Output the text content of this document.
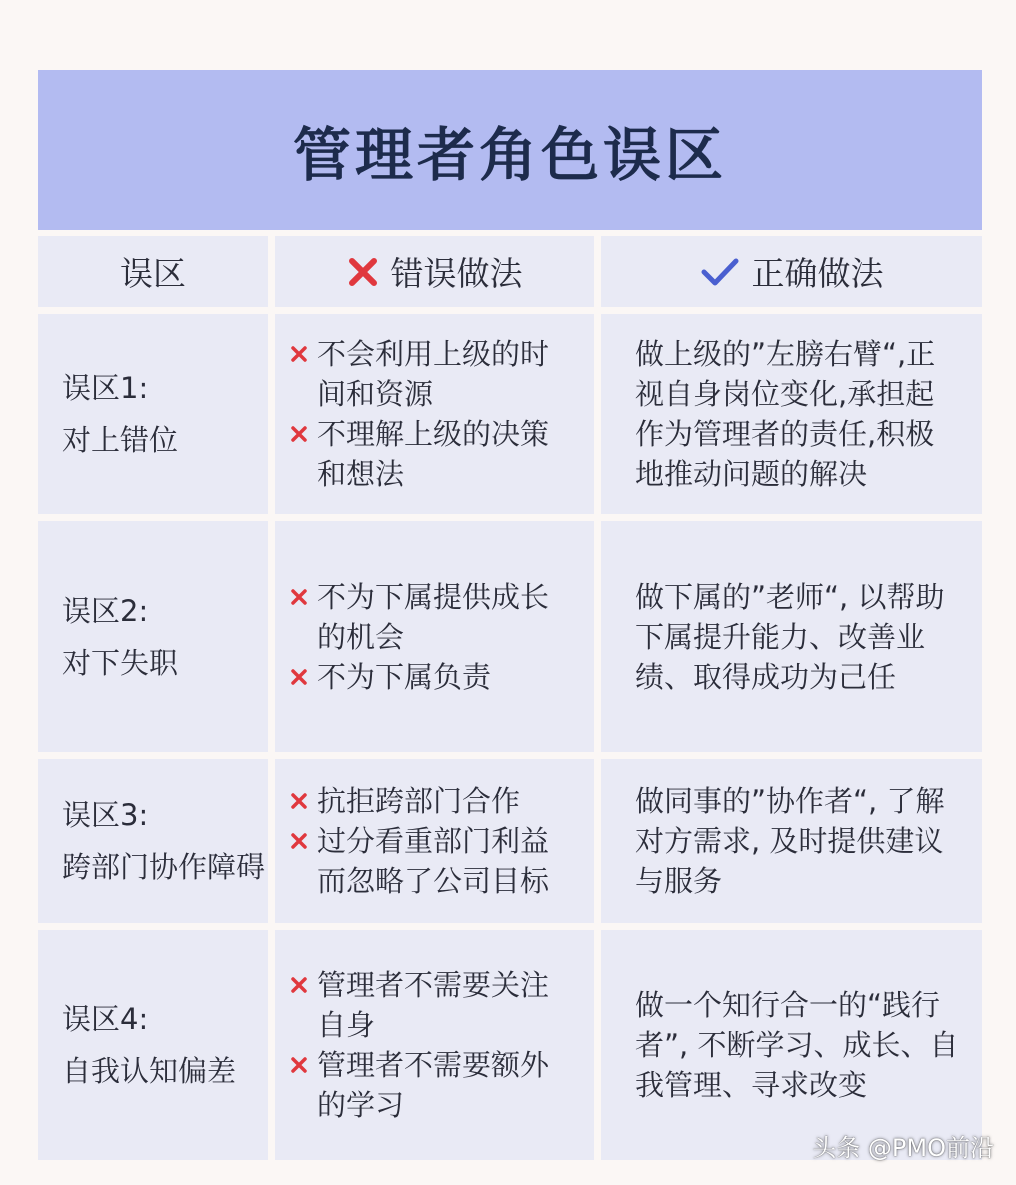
管理者角色误区
误区	错误做法	正确做法
误区1:
对上错位
不会利用上级的时间和资源
不理解上级的决策和想法
做上级的”左膀右臂“,正视自身岗位变化,承担起作为管理者的责任,积极地推动问题的解决
误区2:
对下失职
不为下属提供成长的机会
不为下属负责
做下属的”老师“, 以帮助下属提升能力、改善业绩、取得成功为己任
误区3:
跨部门协作障碍
抗拒跨部门合作
过分看重部门利益而忽略了公司目标
做同事的”协作者“, 了解对方需求, 及时提供建议与服务
误区4:
自我认知偏差
管理者不需要关注自身
管理者不需要额外的学习
做一个知行合一的“践行者”, 不断学习、成长、自我管理、寻求改变
头条 @PMO前沿
